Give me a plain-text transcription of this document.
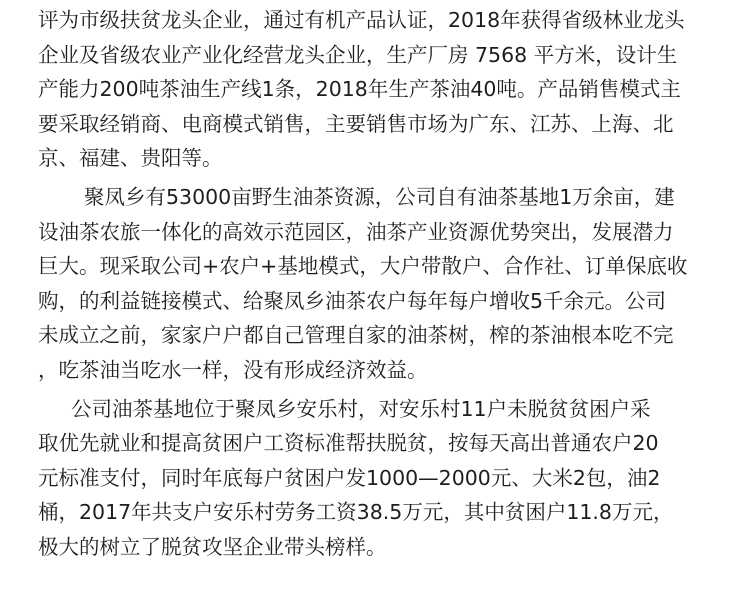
评为市级扶贫龙头企业，通过有机产品认证，2018年获得省级林业龙头
企业及省级农业产业化经营龙头企业，生产厂房 7568 平方米，设计生
产能力200吨茶油生产线1条，2018年生产茶油40吨。产品销售模式主
要采取经销商、电商模式销售，主要销售市场为广东、江苏、上海、北
京、福建、贵阳等。
聚凤乡有53000亩野生油茶资源，公司自有油茶基地1万余亩，建
设油茶农旅一体化的高效示范园区，油茶产业资源优势突出，发展潜力
巨大。现采取公司+农户+基地模式，大户带散户、合作社、订单保底收
购，的利益链接模式、给聚凤乡油茶农户每年每户增收5千余元。公司
未成立之前，家家户户都自己管理自家的油茶树，榨的茶油根本吃不完
，吃茶油当吃水一样，没有形成经济效益。
公司油茶基地位于聚凤乡安乐村，对安乐村11户未脱贫贫困户采
取优先就业和提高贫困户工资标准帮扶脱贫，按每天高出普通农户20
元标准支付，同时年底每户贫困户发1000—2000元、大米2包，油2
桶，2017年共支户安乐村劳务工资38.5万元，其中贫困户11.8万元，
极大的树立了脱贫攻坚企业带头榜样。
